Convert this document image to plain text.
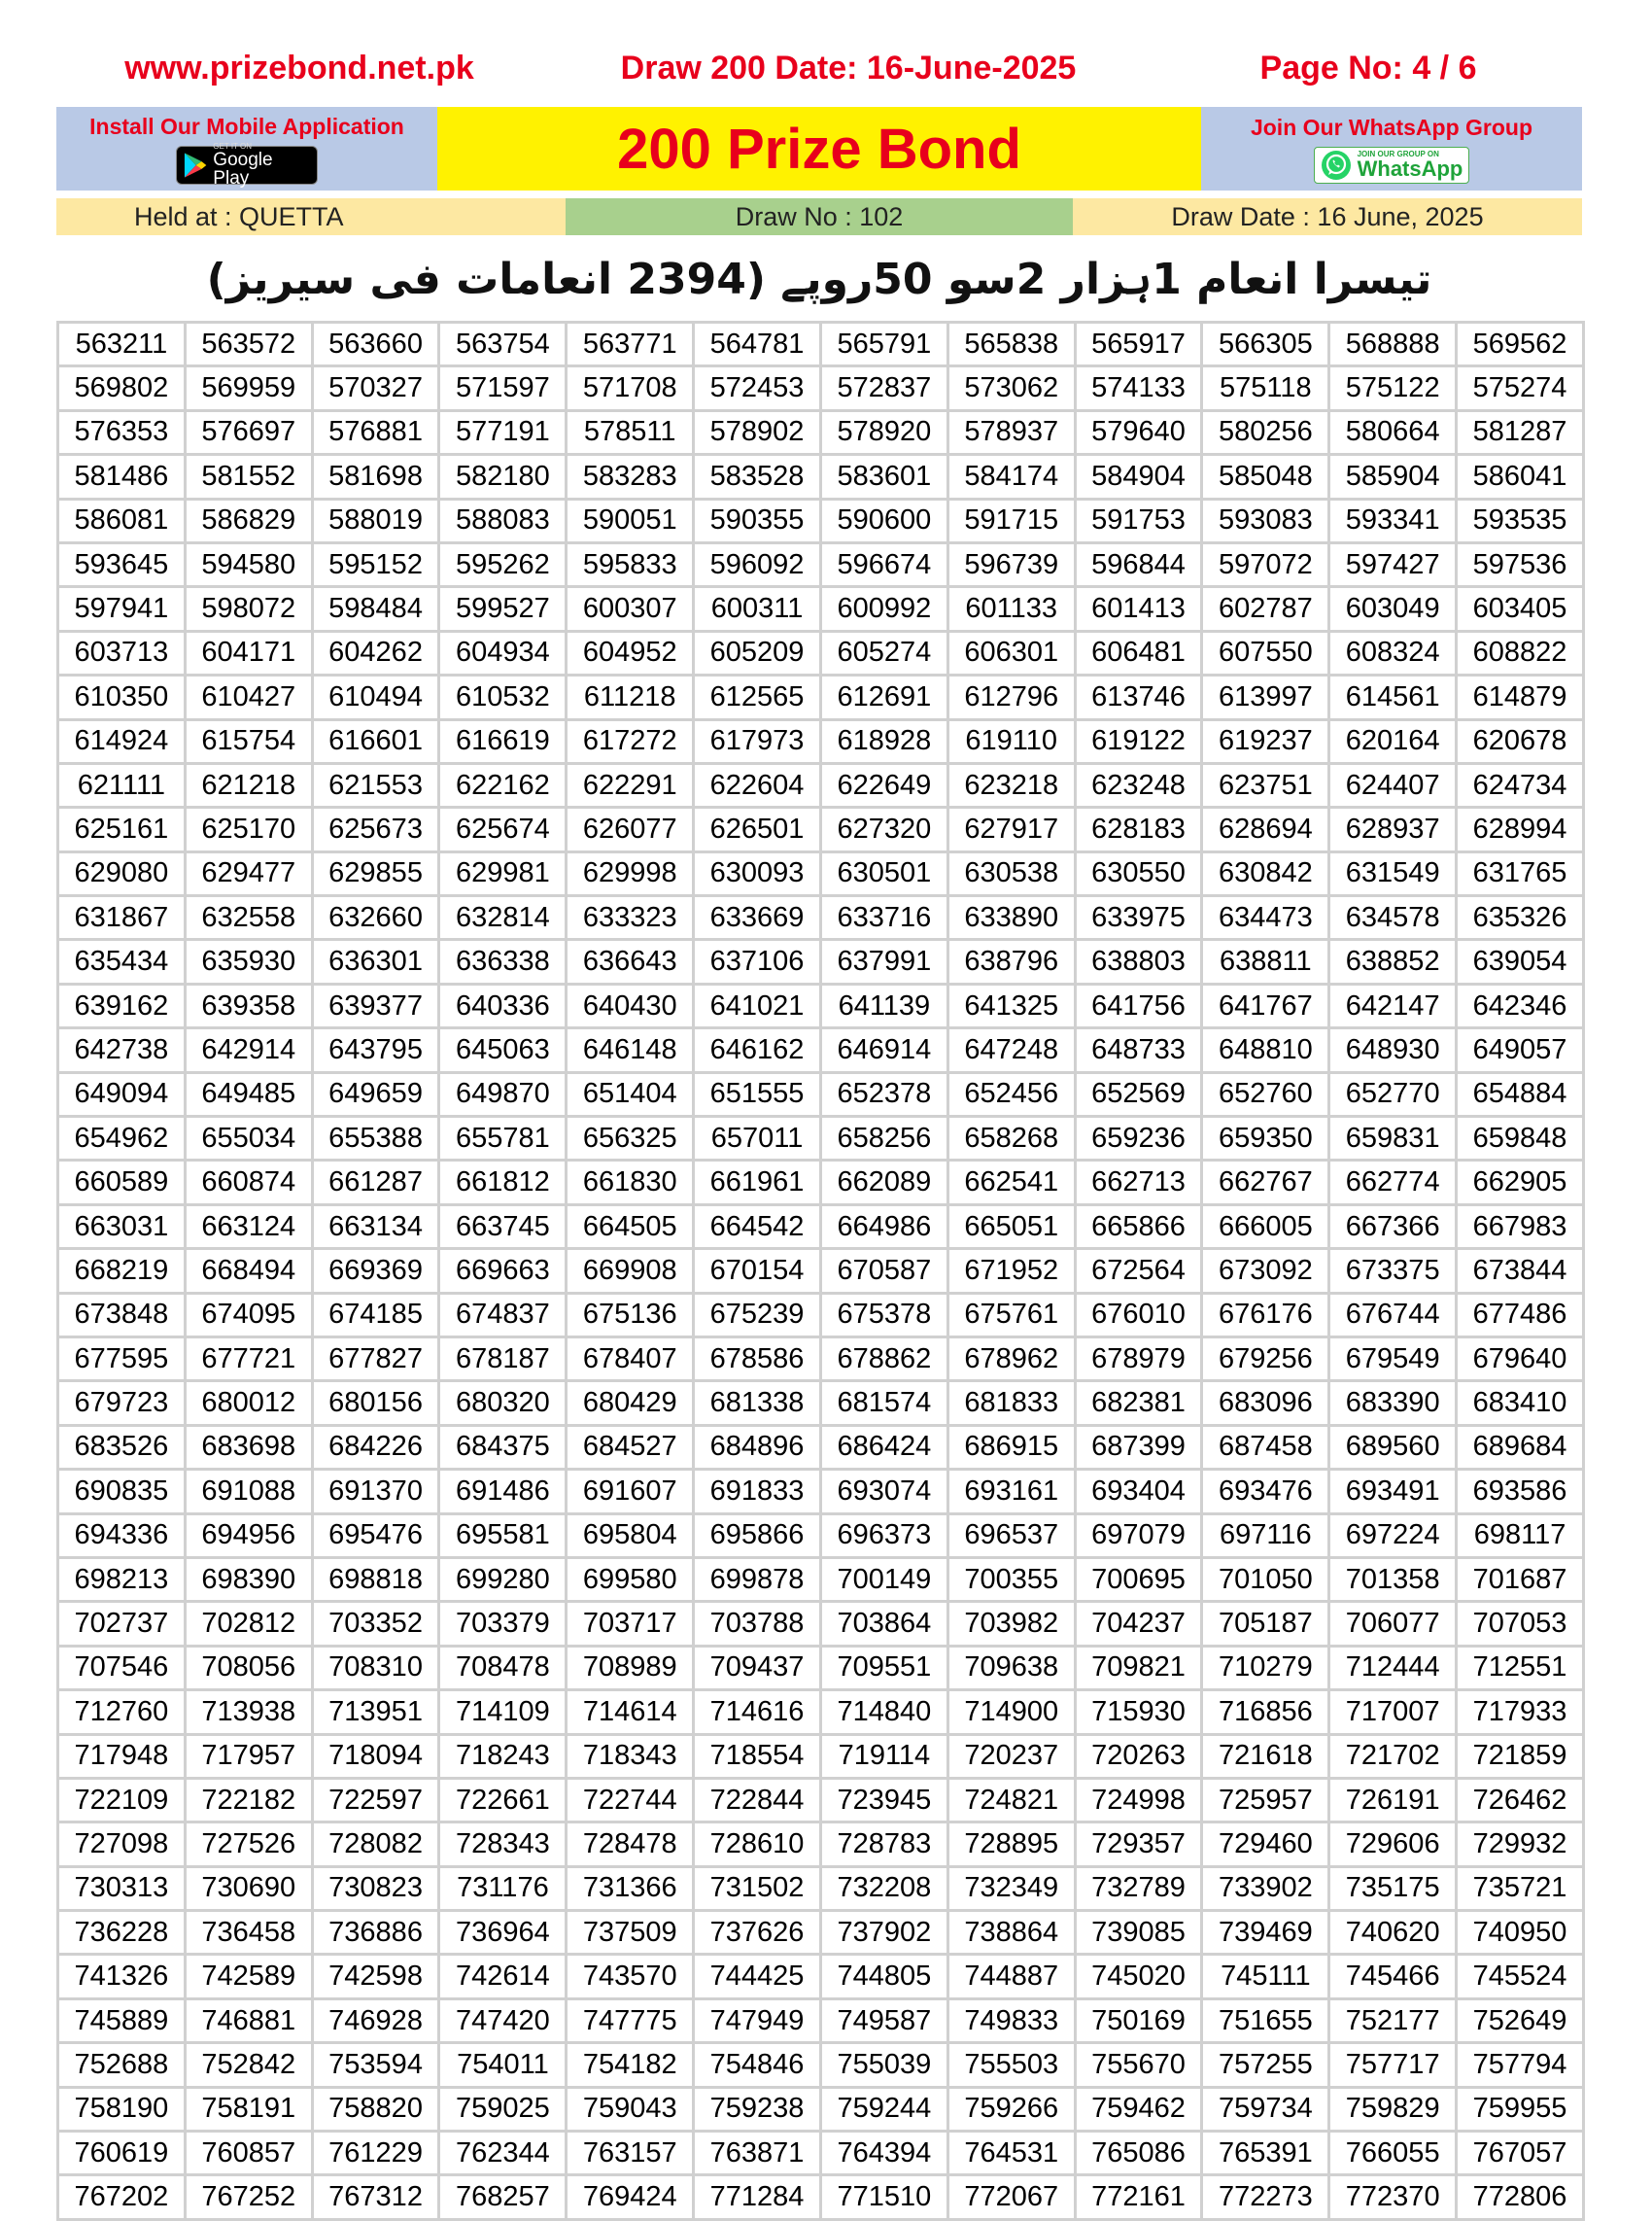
www.prizebond.net.pk	Draw 200 Date: 16-June-2025	Page No: 4 / 6
Install Our Mobile Application
GET IT ON
Google Play	200 Prize Bond	Join Our WhatsApp Group
JOIN OUR GROUP ON
WhatsApp
Held at : QUETTA	Draw No : 102	Draw Date : 16 June, 2025
تیسرا انعام 1ہزار 2سو 50روپے (2394 انعامات فی سیریز)
563211	563572	563660	563754	563771	564781	565791	565838	565917	566305	568888	569562
569802	569959	570327	571597	571708	572453	572837	573062	574133	575118	575122	575274
576353	576697	576881	577191	578511	578902	578920	578937	579640	580256	580664	581287
581486	581552	581698	582180	583283	583528	583601	584174	584904	585048	585904	586041
586081	586829	588019	588083	590051	590355	590600	591715	591753	593083	593341	593535
593645	594580	595152	595262	595833	596092	596674	596739	596844	597072	597427	597536
597941	598072	598484	599527	600307	600311	600992	601133	601413	602787	603049	603405
603713	604171	604262	604934	604952	605209	605274	606301	606481	607550	608324	608822
610350	610427	610494	610532	611218	612565	612691	612796	613746	613997	614561	614879
614924	615754	616601	616619	617272	617973	618928	619110	619122	619237	620164	620678
621111	621218	621553	622162	622291	622604	622649	623218	623248	623751	624407	624734
625161	625170	625673	625674	626077	626501	627320	627917	628183	628694	628937	628994
629080	629477	629855	629981	629998	630093	630501	630538	630550	630842	631549	631765
631867	632558	632660	632814	633323	633669	633716	633890	633975	634473	634578	635326
635434	635930	636301	636338	636643	637106	637991	638796	638803	638811	638852	639054
639162	639358	639377	640336	640430	641021	641139	641325	641756	641767	642147	642346
642738	642914	643795	645063	646148	646162	646914	647248	648733	648810	648930	649057
649094	649485	649659	649870	651404	651555	652378	652456	652569	652760	652770	654884
654962	655034	655388	655781	656325	657011	658256	658268	659236	659350	659831	659848
660589	660874	661287	661812	661830	661961	662089	662541	662713	662767	662774	662905
663031	663124	663134	663745	664505	664542	664986	665051	665866	666005	667366	667983
668219	668494	669369	669663	669908	670154	670587	671952	672564	673092	673375	673844
673848	674095	674185	674837	675136	675239	675378	675761	676010	676176	676744	677486
677595	677721	677827	678187	678407	678586	678862	678962	678979	679256	679549	679640
679723	680012	680156	680320	680429	681338	681574	681833	682381	683096	683390	683410
683526	683698	684226	684375	684527	684896	686424	686915	687399	687458	689560	689684
690835	691088	691370	691486	691607	691833	693074	693161	693404	693476	693491	693586
694336	694956	695476	695581	695804	695866	696373	696537	697079	697116	697224	698117
698213	698390	698818	699280	699580	699878	700149	700355	700695	701050	701358	701687
702737	702812	703352	703379	703717	703788	703864	703982	704237	705187	706077	707053
707546	708056	708310	708478	708989	709437	709551	709638	709821	710279	712444	712551
712760	713938	713951	714109	714614	714616	714840	714900	715930	716856	717007	717933
717948	717957	718094	718243	718343	718554	719114	720237	720263	721618	721702	721859
722109	722182	722597	722661	722744	722844	723945	724821	724998	725957	726191	726462
727098	727526	728082	728343	728478	728610	728783	728895	729357	729460	729606	729932
730313	730690	730823	731176	731366	731502	732208	732349	732789	733902	735175	735721
736228	736458	736886	736964	737509	737626	737902	738864	739085	739469	740620	740950
741326	742589	742598	742614	743570	744425	744805	744887	745020	745111	745466	745524
745889	746881	746928	747420	747775	747949	749587	749833	750169	751655	752177	752649
752688	752842	753594	754011	754182	754846	755039	755503	755670	757255	757717	757794
758190	758191	758820	759025	759043	759238	759244	759266	759462	759734	759829	759955
760619	760857	761229	762344	763157	763871	764394	764531	765086	765391	766055	767057
767202	767252	767312	768257	769424	771284	771510	772067	772161	772273	772370	772806
